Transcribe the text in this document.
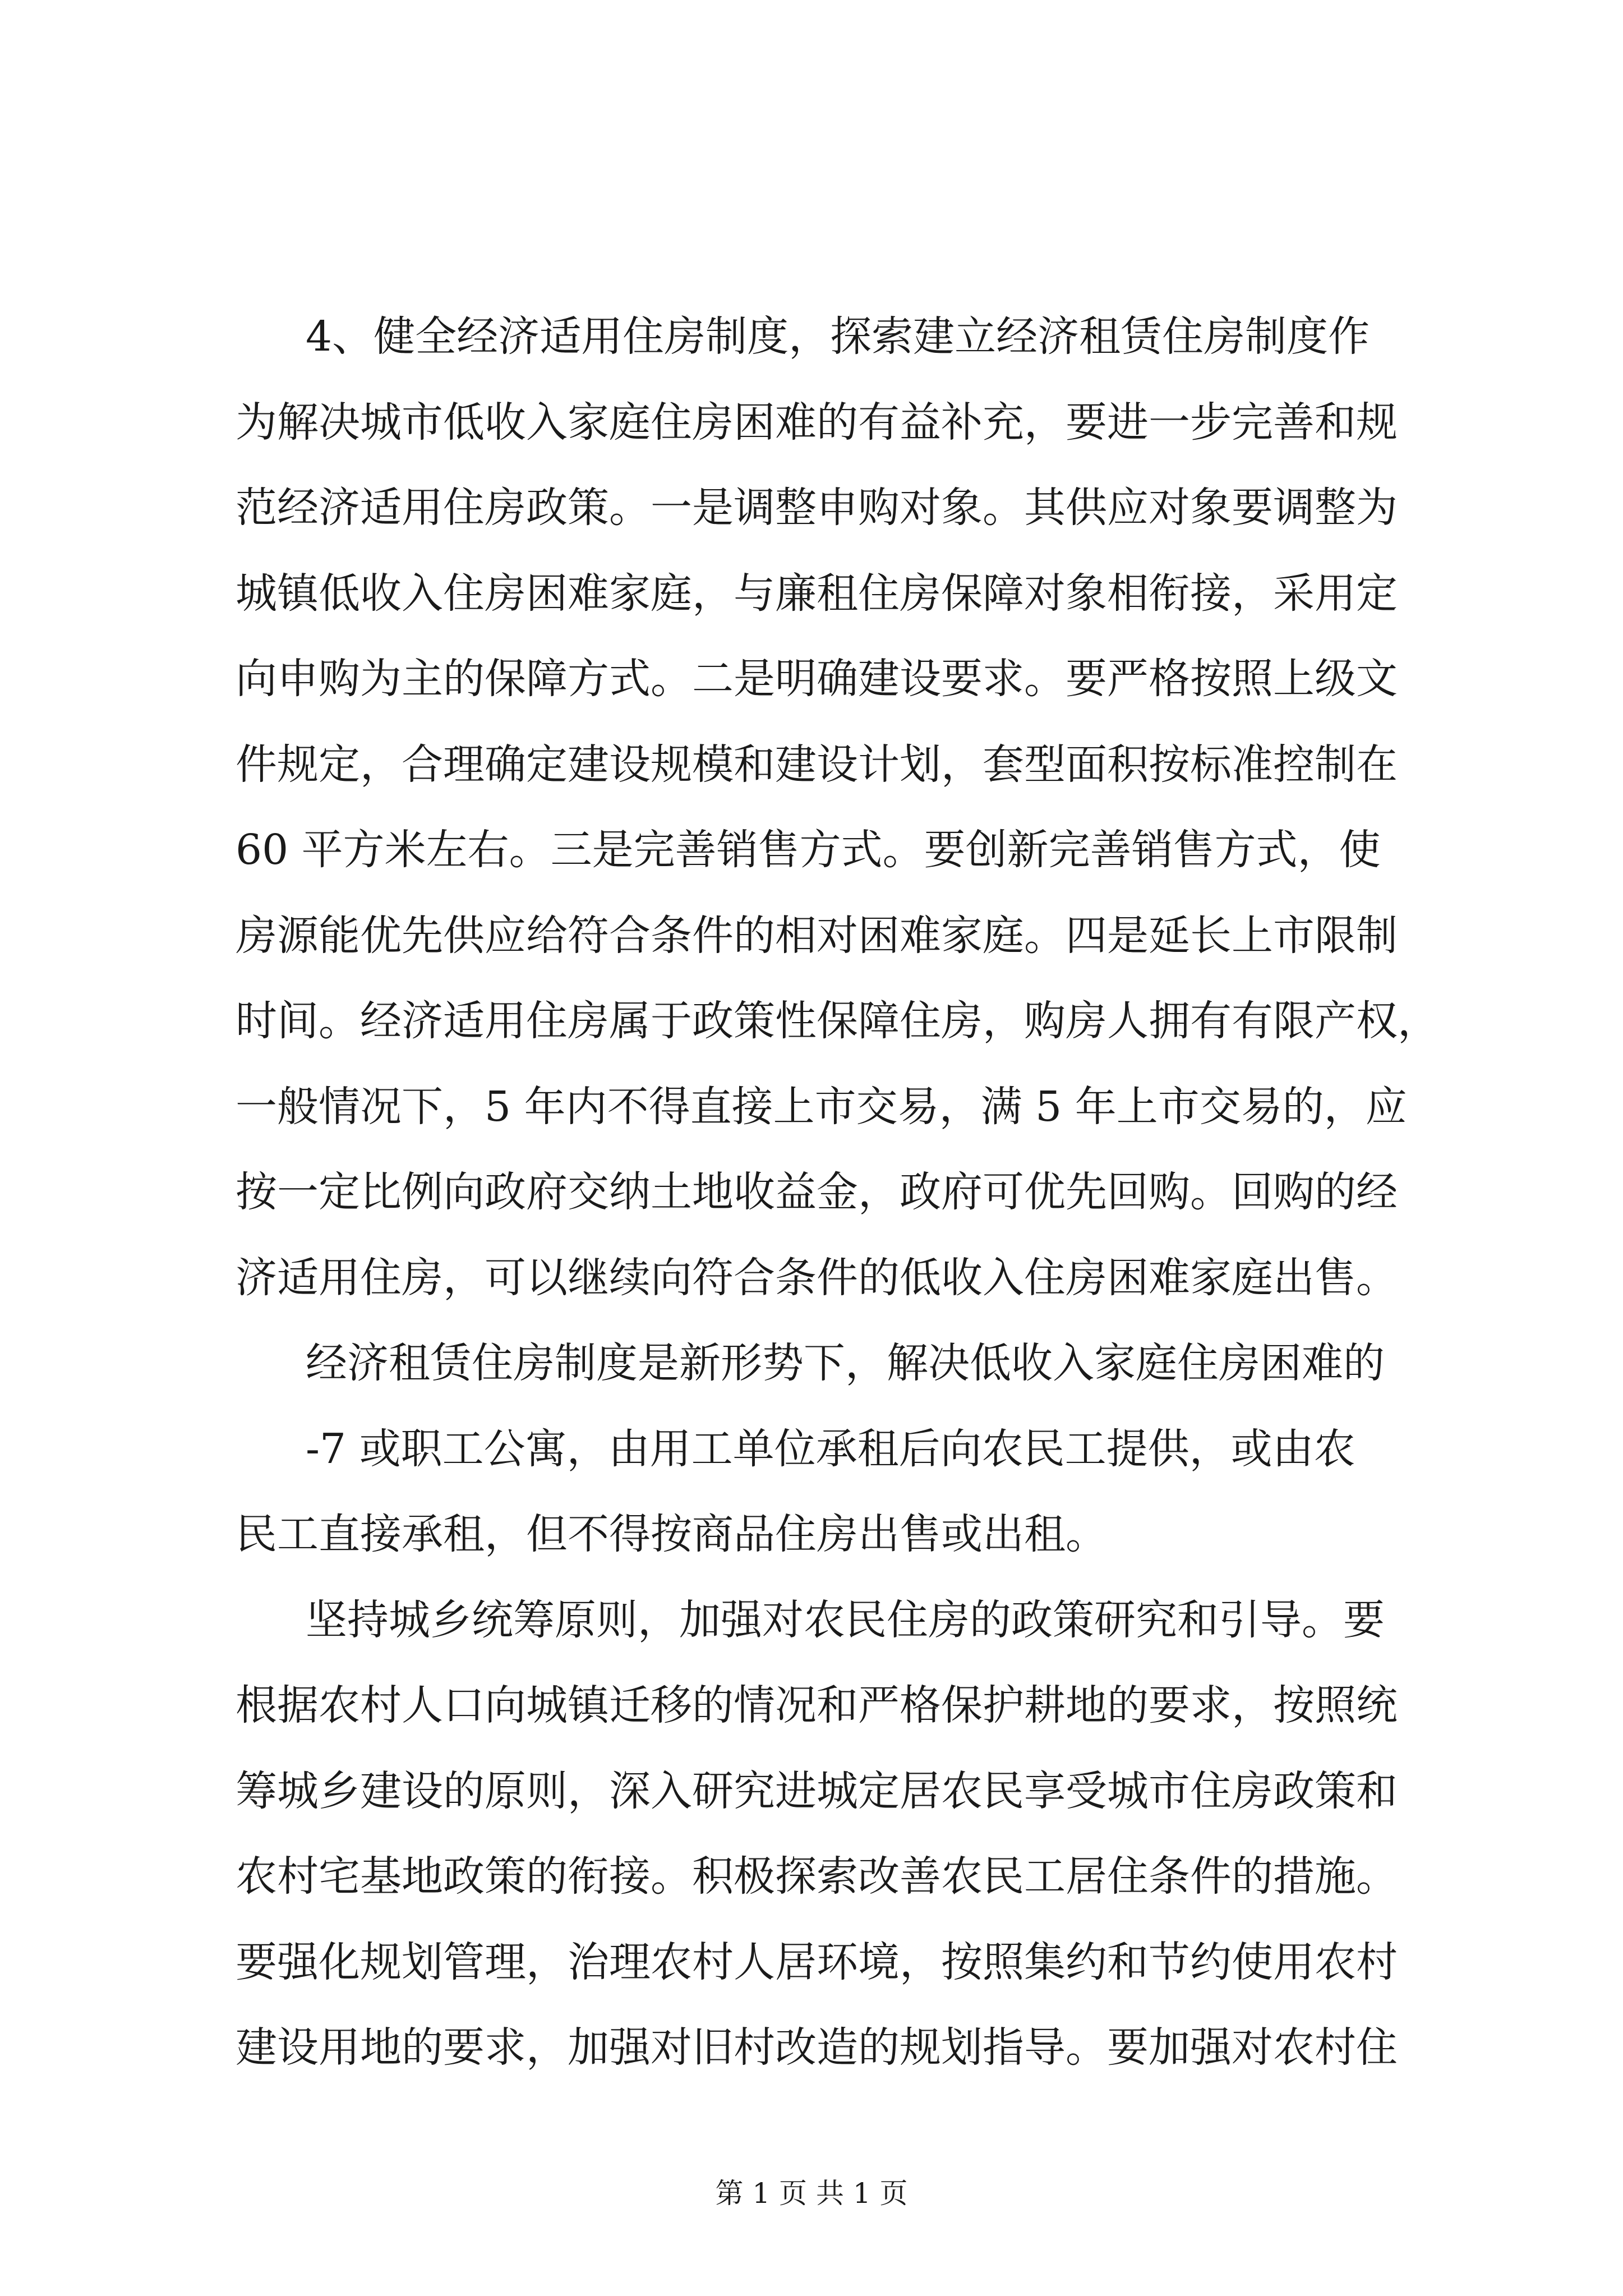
4、健全经济适用住房制度，探索建立经济租赁住房制度作
为解决城市低收入家庭住房困难的有益补充，要进一步完善和规
范经济适用住房政策。一是调整申购对象。其供应对象要调整为
城镇低收入住房困难家庭，与廉租住房保障对象相衔接，采用定
向申购为主的保障方式。二是明确建设要求。要严格按照上级文
件规定，合理确定建设规模和建设计划，套型面积按标准控制在
60 平方米左右。三是完善销售方式。要创新完善销售方式，使
房源能优先供应给符合条件的相对困难家庭。四是延长上市限制
时间。经济适用住房属于政策性保障住房，购房人拥有有限产权，
一般情况下，5 年内不得直接上市交易，满 5 年上市交易的，应
按一定比例向政府交纳土地收益金，政府可优先回购。回购的经
济适用住房，可以继续向符合条件的低收入住房困难家庭出售。
经济租赁住房制度是新形势下，解决低收入家庭住房困难的
-7 或职工公寓，由用工单位承租后向农民工提供，或由农
民工直接承租，但不得按商品住房出售或出租。
坚持城乡统筹原则，加强对农民住房的政策研究和引导。要
根据农村人口向城镇迁移的情况和严格保护耕地的要求，按照统
筹城乡建设的原则，深入研究进城定居农民享受城市住房政策和
农村宅基地政策的衔接。积极探索改善农民工居住条件的措施。
要强化规划管理，治理农村人居环境，按照集约和节约使用农村
建设用地的要求，加强对旧村改造的规划指导。要加强对农村住
第 1 页 共 1 页
